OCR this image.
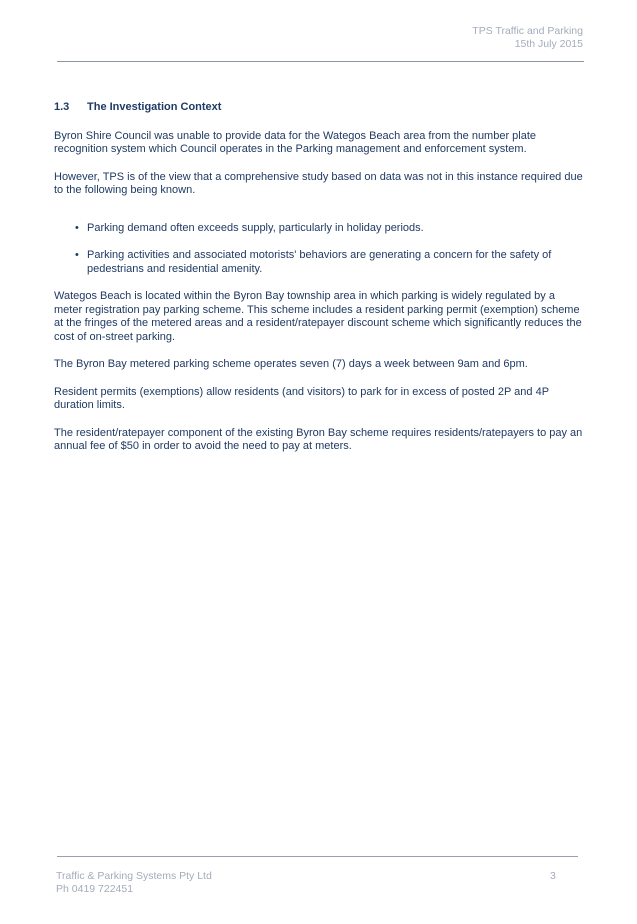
TPS Traffic and Parking
15th July 2015
1.3 The Investigation Context

Byron Shire Council was unable to provide data for the Wategos Beach area from the number plate recognition system which Council operates in the Parking management and enforcement system.

However, TPS is of the view that a comprehensive study based on data was not in this instance required due to the following being known.

• Parking demand often exceeds supply, particularly in holiday periods.
• Parking activities and associated motorists' behaviors are generating a concern for the safety of pedestrians and residential amenity.

Wategos Beach is located within the Byron Bay township area in which parking is widely regulated by a meter registration pay parking scheme. This scheme includes a resident parking permit (exemption) scheme at the fringes of the metered areas and a resident/ratepayer discount scheme which significantly reduces the cost of on-street parking.

The Byron Bay metered parking scheme operates seven (7) days a week between 9am and 6pm.

Resident permits (exemptions) allow residents (and visitors) to park for in excess of posted 2P and 4P duration limits.

The resident/ratepayer component of the existing Byron Bay scheme requires residents/ratepayers to pay an annual fee of $50 in order to avoid the need to pay at meters.

Traffic & Parking Systems Pty Ltd
Ph 0419 722451
3
